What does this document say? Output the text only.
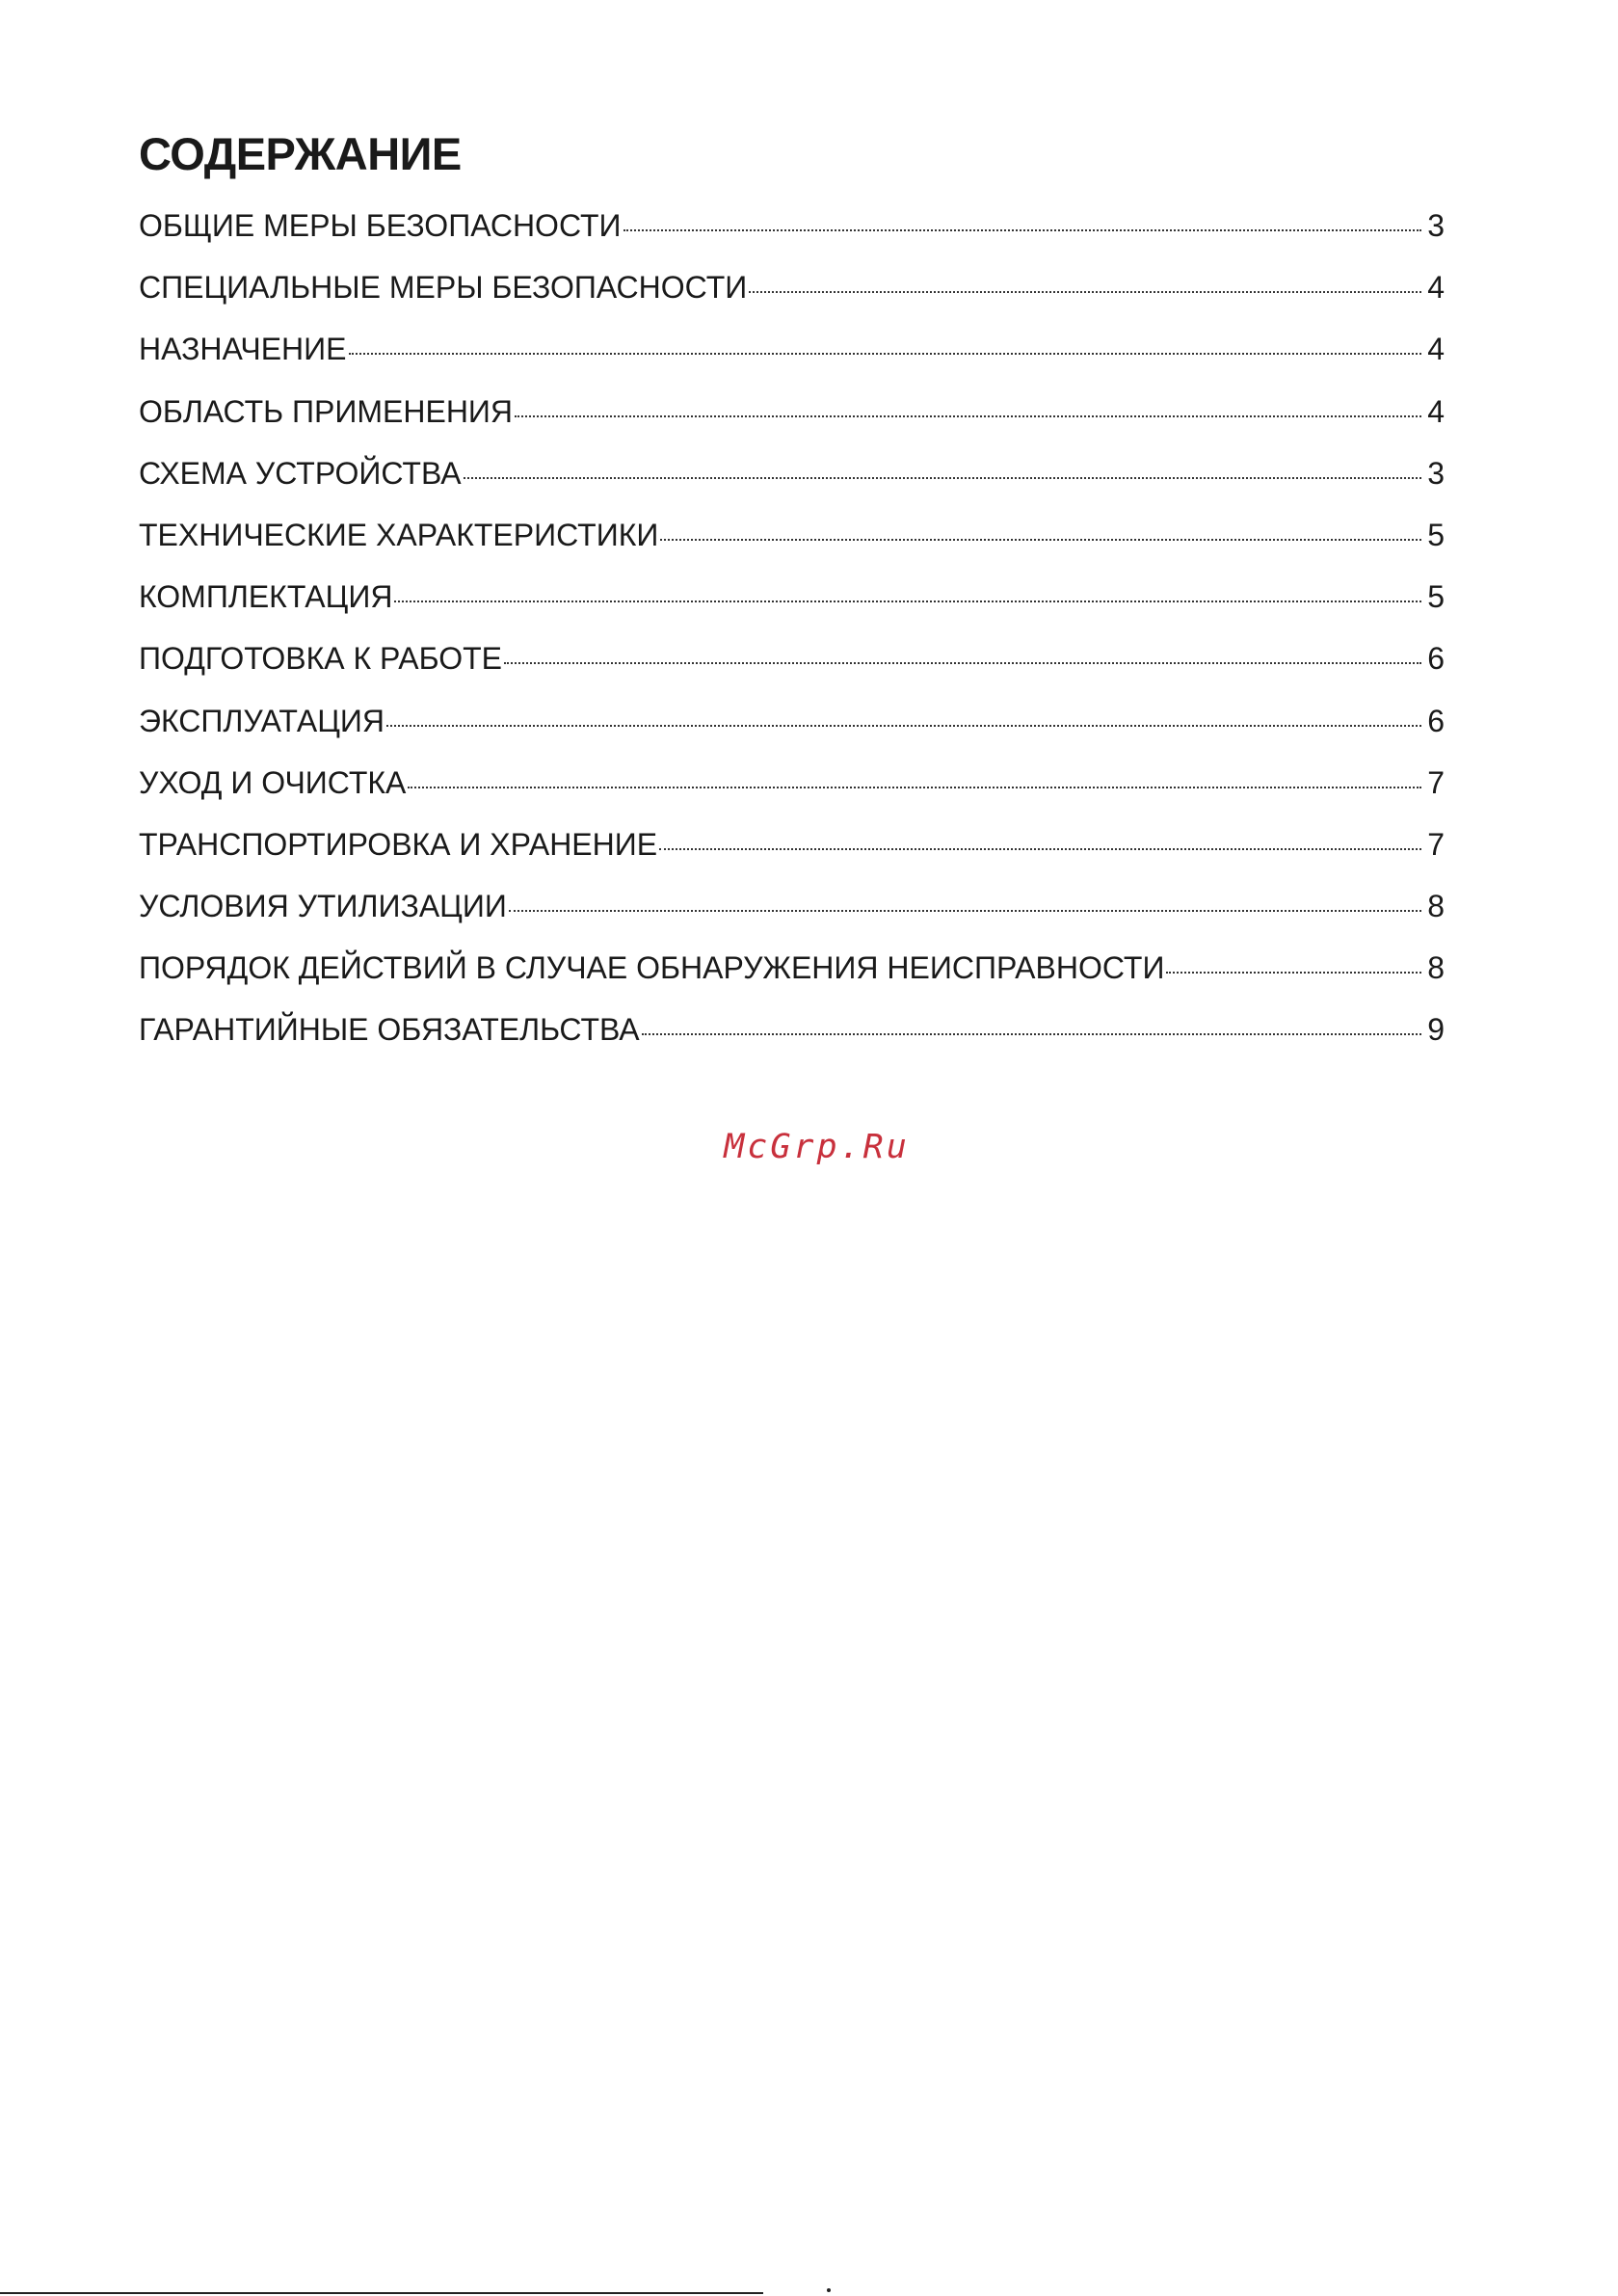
СОДЕРЖАНИЕ
ОБЩИЕ МЕРЫ БЕЗОПАСНОСТИ	3
СПЕЦИАЛЬНЫЕ МЕРЫ БЕЗОПАСНОСТИ	4
НАЗНАЧЕНИЕ	4
ОБЛАСТЬ ПРИМЕНЕНИЯ	4
СХЕМА УСТРОЙСТВА	3
ТЕХНИЧЕСКИЕ ХАРАКТЕРИСТИКИ	5
КОМПЛЕКТАЦИЯ	5
ПОДГОТОВКА К РАБОТЕ	6
ЭКСПЛУАТАЦИЯ	6
УХОД И ОЧИСТКА	7
ТРАНСПОРТИРОВКА И ХРАНЕНИЕ	7
УСЛОВИЯ УТИЛИЗАЦИИ	8
ПОРЯДОК ДЕЙСТВИЙ В СЛУЧАЕ ОБНАРУЖЕНИЯ НЕИСПРАВНОСТИ	8
ГАРАНТИЙНЫЕ ОБЯЗАТЕЛЬСТВА	9
McGrp.Ru
